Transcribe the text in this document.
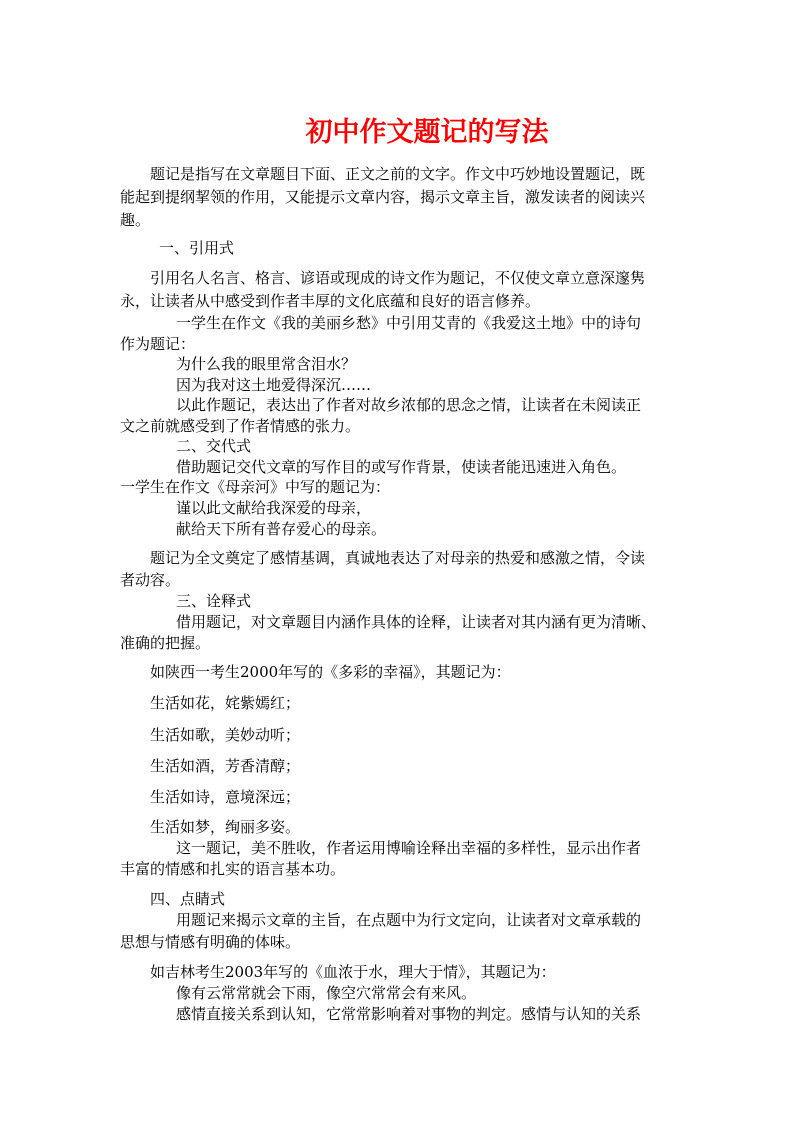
初中作文题记的写法
题记是指写在文章题目下面、正文之前的文字。作文中巧妙地设置题记，既
能起到提纲挈领的作用，又能提示文章内容，揭示文章主旨，激发读者的阅读兴
趣。
一、引用式
引用名人名言、格言、谚语或现成的诗文作为题记，不仅使文章立意深邃隽
永，让读者从中感受到作者丰厚的文化底蕴和良好的语言修养。
一学生在作文《我的美丽乡愁》中引用艾青的《我爱这土地》中的诗句
作为题记：
为什么我的眼里常含泪水？
因为我对这土地爱得深沉……
以此作题记，表达出了作者对故乡浓郁的思念之情，让读者在未阅读正
文之前就感受到了作者情感的张力。
二、交代式
借助题记交代文章的写作目的或写作背景，使读者能迅速进入角色。
一学生在作文《母亲河》中写的题记为：
谨以此文献给我深爱的母亲，
献给天下所有普存爱心的母亲。
题记为全文奠定了感情基调，真诚地表达了对母亲的热爱和感激之情，令读
者动容。
三、诠释式
借用题记，对文章题目内涵作具体的诠释，让读者对其内涵有更为清晰、
准确的把握。
如陕西一考生2000年写的《多彩的幸福》，其题记为：
生活如花，姹紫嫣红；
生活如歌，美妙动听；
生活如酒，芳香清醇；
生活如诗，意境深远；
生活如梦，绚丽多姿。
这一题记，美不胜收，作者运用博喻诠释出幸福的多样性，显示出作者
丰富的情感和扎实的语言基本功。
四、点睛式
用题记来揭示文章的主旨，在点题中为行文定向，让读者对文章承载的
思想与情感有明确的体味。
如吉林考生2003年写的《血浓于水，理大于情》，其题记为：
像有云常常就会下雨，像空穴常常会有来风。
感情直接关系到认知，它常常影响着对事物的判定。感情与认知的关系
